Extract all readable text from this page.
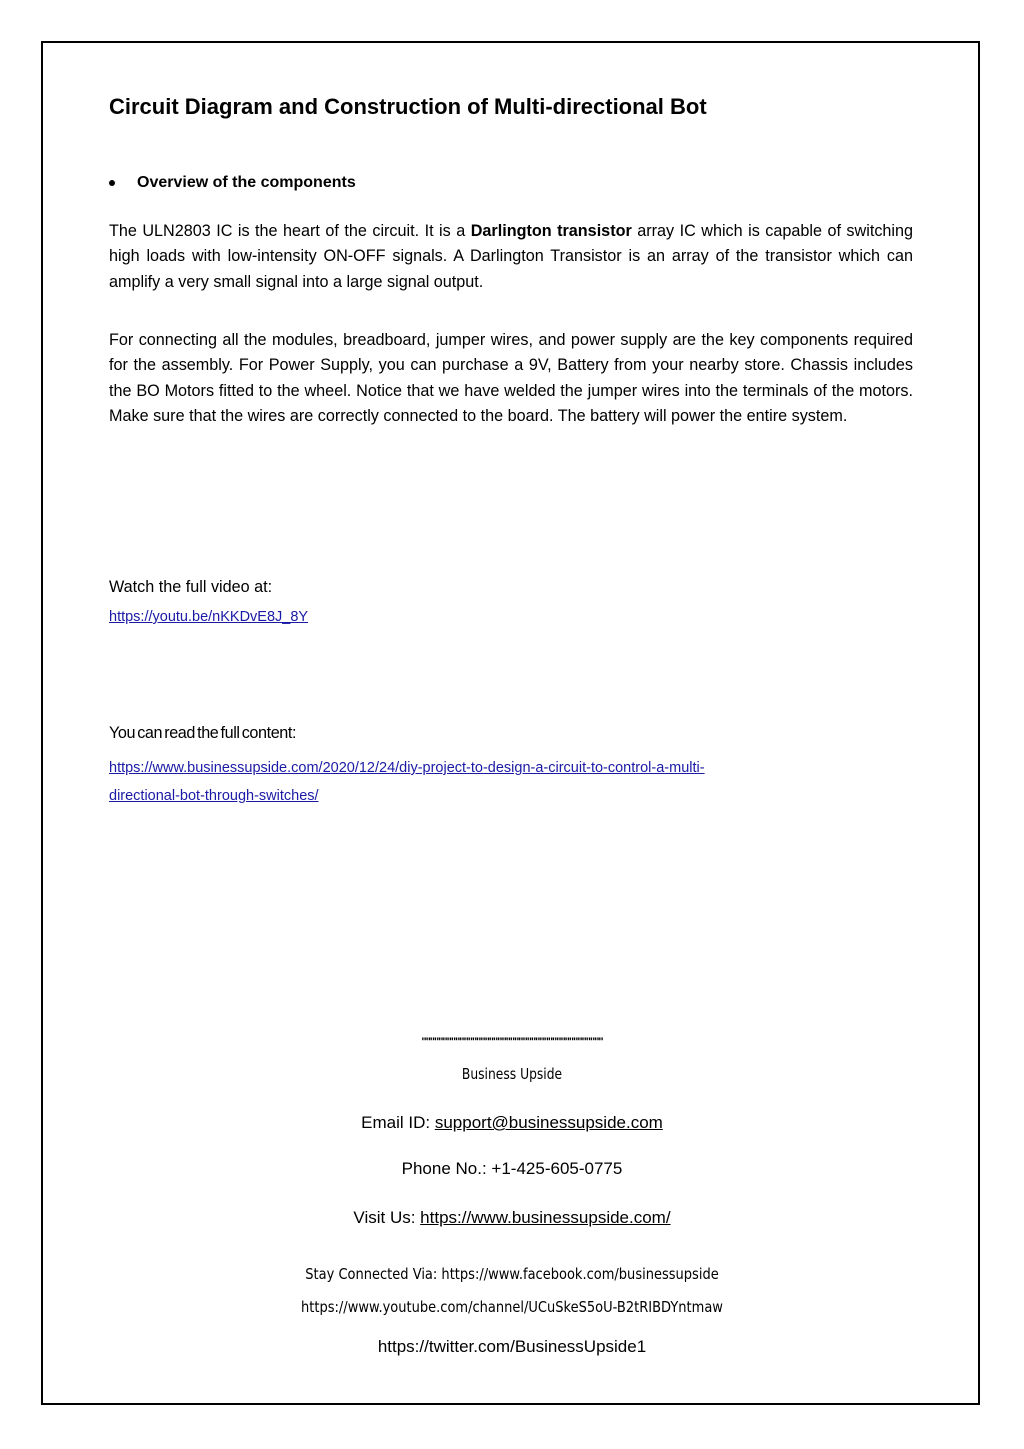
Circuit Diagram and Construction of Multi-directional Bot
Overview of the components

The ULN2803 IC is the heart of the circuit. It is a Darlington transistor array IC which is capable of switching high loads with low-intensity ON-OFF signals. A Darlington Transistor is an array of the transistor which can amplify a very small signal into a large signal output.

For connecting all the modules, breadboard, jumper wires, and power supply are the key components required for the assembly. For Power Supply, you can purchase a 9V, Battery from your nearby store. Chassis includes the BO Motors fitted to the wheel. Notice that we have welded the jumper wires into the terminals of the motors. Make sure that the wires are correctly connected to the board. The battery will power the entire system.

Watch the full video at:
https://youtu.be/nKKDvE8J_8Y
You can read the full content:
https://www.businessupside.com/2020/12/24/diy-project-to-design-a-circuit-to-control-a-multi-
directional-bot-through-switches/
"""""""""""""""""""""""""""""""""""""""""""
Business Upside
Email ID: support@businessupside.com
Phone No.: +1-425-605-0775
Visit Us: https://www.businessupside.com/
Stay Connected Via: https://www.facebook.com/businessupside
https://www.youtube.com/channel/UCuSkeS5oU-B2tRIBDYntmaw
https://twitter.com/BusinessUpside1
